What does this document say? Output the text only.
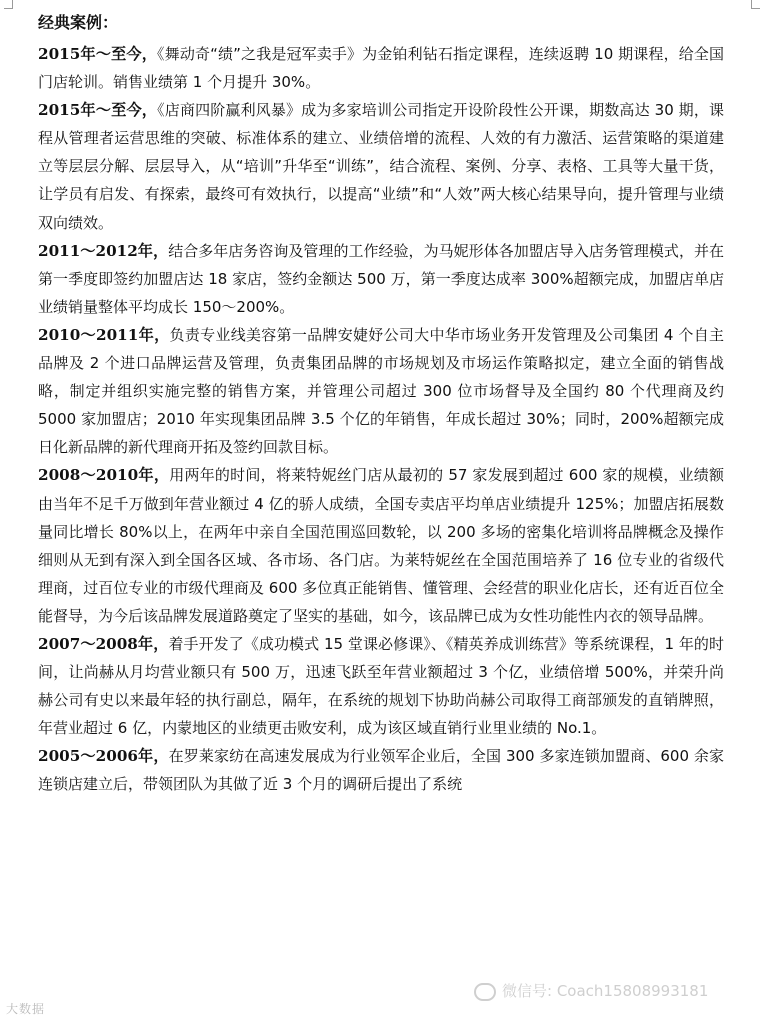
经典案例：

2015年～至今，《舞动奇“绩”之我是冠军卖手》为金铂利钻石指定课程，连续返聘 10 期课程，给全国门店轮训。销售业绩第 1 个月提升 30%。

2015年～至今，《店商四阶赢利风暴》成为多家培训公司指定开设阶段性公开课，期数高达 30 期，课程从管理者运营思维的突破、标准体系的建立、业绩倍增的流程、人效的有力激活、运营策略的渠道建立等层层分解、层层导入，从“培训”升华至“训练”，结合流程、案例、分享、表格、工具等大量干货，让学员有启发、有探索，最终可有效执行，以提高“业绩”和“人效”两大核心结果导向，提升管理与业绩双向绩效。

2011～2012年，结合多年店务咨询及管理的工作经验，为马妮形体各加盟店导入店务管理模式，并在第一季度即签约加盟店达 18 家店，签约金额达 500 万，第一季度达成率 300%超额完成，加盟店单店业绩销量整体平均成长 150～200%。

2010～2011年，负责专业线美容第一品牌安婕妤公司大中华市场业务开发管理及公司集团 4 个自主品牌及 2 个进口品牌运营及管理，负责集团品牌的市场规划及市场运作策略拟定，建立全面的销售战略，制定并组织实施完整的销售方案，并管理公司超过 300 位市场督导及全国约 80 个代理商及约 5000 家加盟店；2010 年实现集团品牌 3.5 个亿的年销售，年成长超过 30%；同时，200%超额完成日化新品牌的新代理商开拓及签约回款目标。

2008～2010年，用两年的时间，将莱特妮丝门店从最初的 57 家发展到超过 600 家的规模，业绩额由当年不足千万做到年营业额过 4 亿的骄人成绩，全国专卖店平均单店业绩提升 125%；加盟店拓展数量同比增长 80%以上，在两年中亲自全国范围巡回数轮，以 200 多场的密集化培训将品牌概念及操作细则从无到有深入到全国各区域、各市场、各门店。为莱特妮丝在全国范围培养了 16 位专业的省级代理商，过百位专业的市级代理商及 600 多位真正能销售、懂管理、会经营的职业化店长，还有近百位全能督导，为今后该品牌发展道路奠定了坚实的基础，如今，该品牌已成为女性功能性内衣的领导品牌。

2007～2008年，着手开发了《成功模式 15 堂课必修课》、《精英养成训练营》等系统课程，1 年的时间，让尚赫从月均营业额只有 500 万，迅速飞跃至年营业额超过 3 个亿，业绩倍增 500%，并荣升尚赫公司有史以来最年轻的执行副总，隔年，在系统的规划下协助尚赫公司取得工商部颁发的直销牌照，年营业超过 6 亿，内蒙地区的业绩更击败安利，成为该区域直销行业里业绩的 No.1。

2005～2006年，在罗莱家纺在高速发展成为行业领军企业后，全国 300 多家连锁加盟商、600 余家连锁店建立后，带领团队为其做了近 3 个月的调研后提出了系统

大数据
微信号: Coach15808993181
